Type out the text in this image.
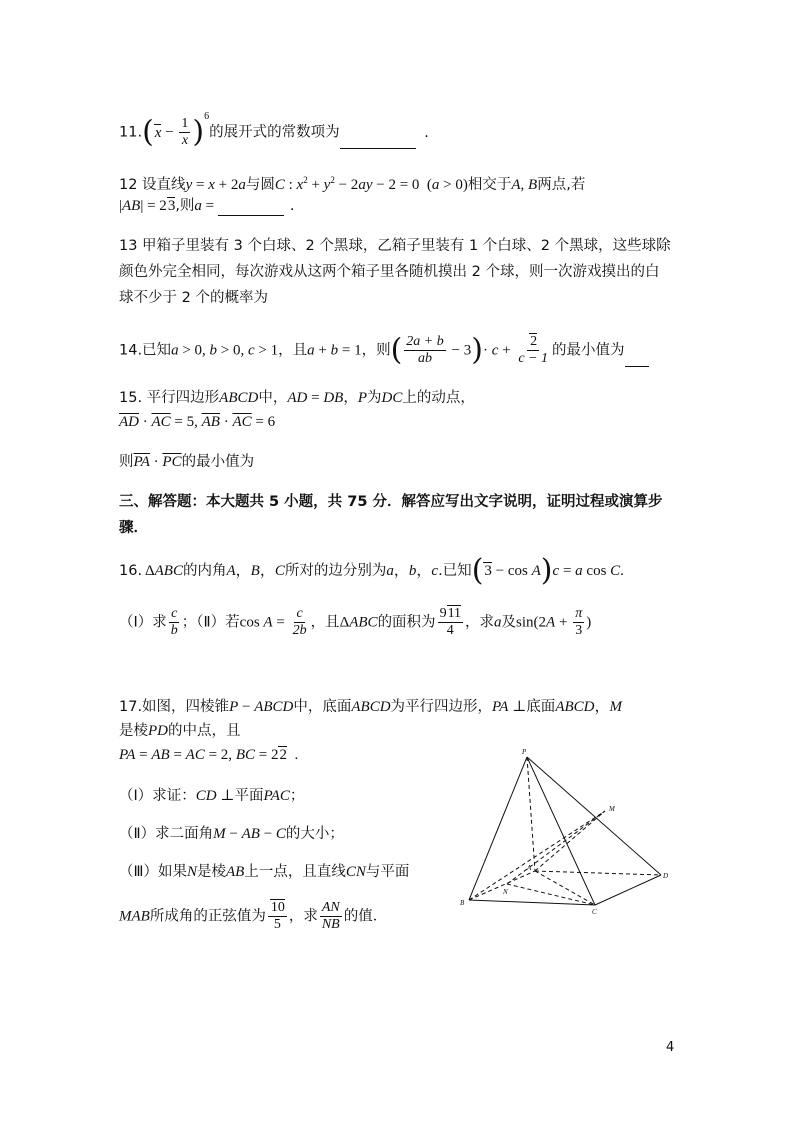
$11.(x - \frac{1}{x} )^6$的展开式的常数项为	.
12 设直线y = x + 2a与圆C : $x^2 + y^2 - 2ay - 2 = 0$  (a > 0)相交于A, B两点,若
|AB| = 23,则a =	.
13 甲箱子里装有 3 个白球、2 个黑球，乙箱子里装有 1 个白球、2 个黑球，这些球除
颜色外完全相同，每次游戏从这两个箱子里各随机摸出 2 个球，则一次游戏摸出的白
球不少于 2 个的概率为
14.已知a > 0, b > 0, c > 1，且a + b = 1，则( $\frac{2a + b}{ab} - 3)\cdot c + \frac{2}{c - 1}$ 的最小值为
15. 平行四边形ABCD中，AD = DB，P为DC上的动点，
$\overline{AD} \cdot \overline{AC} = 5$, $\overline{AB} \cdot \overline{AC} = 6$
则$\overline{PA} \cdot \overline{PC}$的最小值为
三、解答题：本大题共 5 小题，共 75 分．解答应写出文字说明，证明过程或演算步
骤．
16. ΔABC的内角A，B，C所对的边分别为a，b，c.已知(3 − cos A)c = a cos C.
（Ⅰ）求 $\frac{c}{b}$ ；（Ⅱ）若$\cos A = \frac{c}{2b}$ ，且ΔABC的面积为 $\frac{911}{4}$ ，求a及$\sin(2A + \frac{\pi}{3}$ )
17.如图，四棱锥P − ABCD中，底面ABCD为平行四边形，PA ⊥底面ABCD，M
是棱PD的中点，且
PA = AB = AC = 2, BC = 22  .
（Ⅰ）求证：CD ⊥平面PAC；
（Ⅱ）求二面角M − AB − C的大小；
（Ⅲ）如果N是棱AB上一点，且直线CN与平面
MAB所成角的正弦值为 $\frac{10}{5}$ ，求 $\frac{AN}{NB}$ 的值．
P
M
D
B
C
N
A
4
